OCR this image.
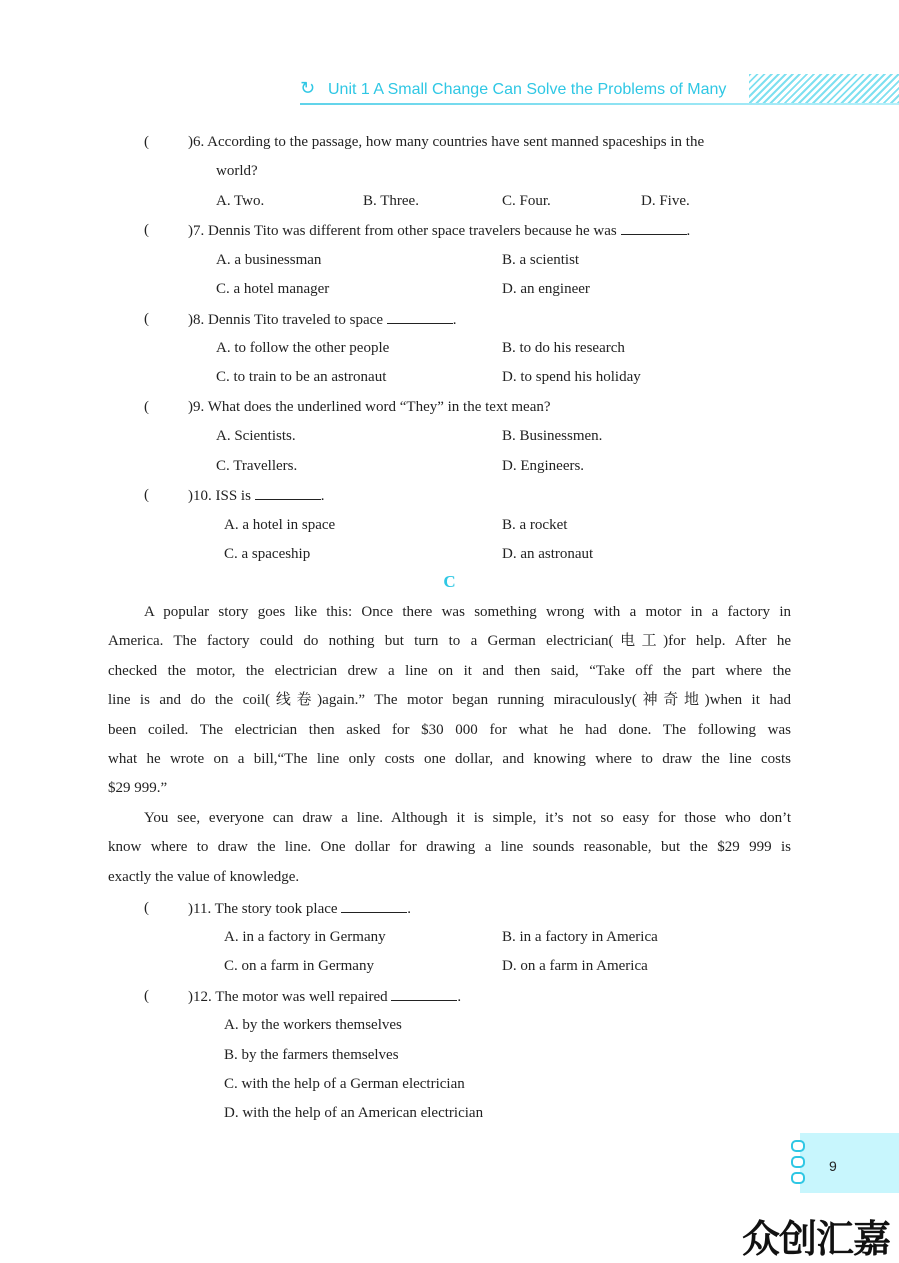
↻ Unit 1 A Small Change Can Solve the Problems of Many
(	)6. According to the passage, how many countries have sent manned spaceships in the
world?
A. Two.	B. Three.	C. Four.	D. Five.
(	)7. Dennis Tito was different from other space travelers because he was	.
A. a businessman	B. a scientist
C. a hotel manager	D. an engineer
(	)8. Dennis Tito traveled to space	.
A. to follow the other people	B. to do his research
C. to train to be an astronaut	D. to spend his holiday
(	)9. What does the underlined word “They” in the text mean?
A. Scientists.	B. Businessmen.
C. Travellers.	D. Engineers.
(	)10. ISS is	.
A. a hotel in space	B. a rocket
C. a spaceship	D. an astronaut
C
A popular story goes like this: Once there was something wrong with a motor in a factory in
America. The factory could do nothing but turn to a German electrician(电工)for help. After he
checked the motor, the electrician drew a line on it and then said, “Take off the part where the
line is and do the coil(线卷)again.” The motor began running miraculously(神奇地)when it had
been coiled. The electrician then asked for $30 000 for what he had done. The following was
what he wrote on a bill,“The line only costs one dollar, and knowing where to draw the line costs
$29 999.”
You see, everyone can draw a line. Although it is simple, it’s not so easy for those who don’t
know where to draw the line. One dollar for drawing a line sounds reasonable, but the $29 999 is
exactly the value of knowledge.
(	)11. The story took place	.
A. in a factory in Germany	B. in a factory in America
C. on a farm in Germany	D. on a farm in America
(	)12. The motor was well repaired	.
A. by the workers themselves
B. by the farmers themselves
C. with the help of a German electrician
D. with the help of an American electrician
9
众创汇嘉
